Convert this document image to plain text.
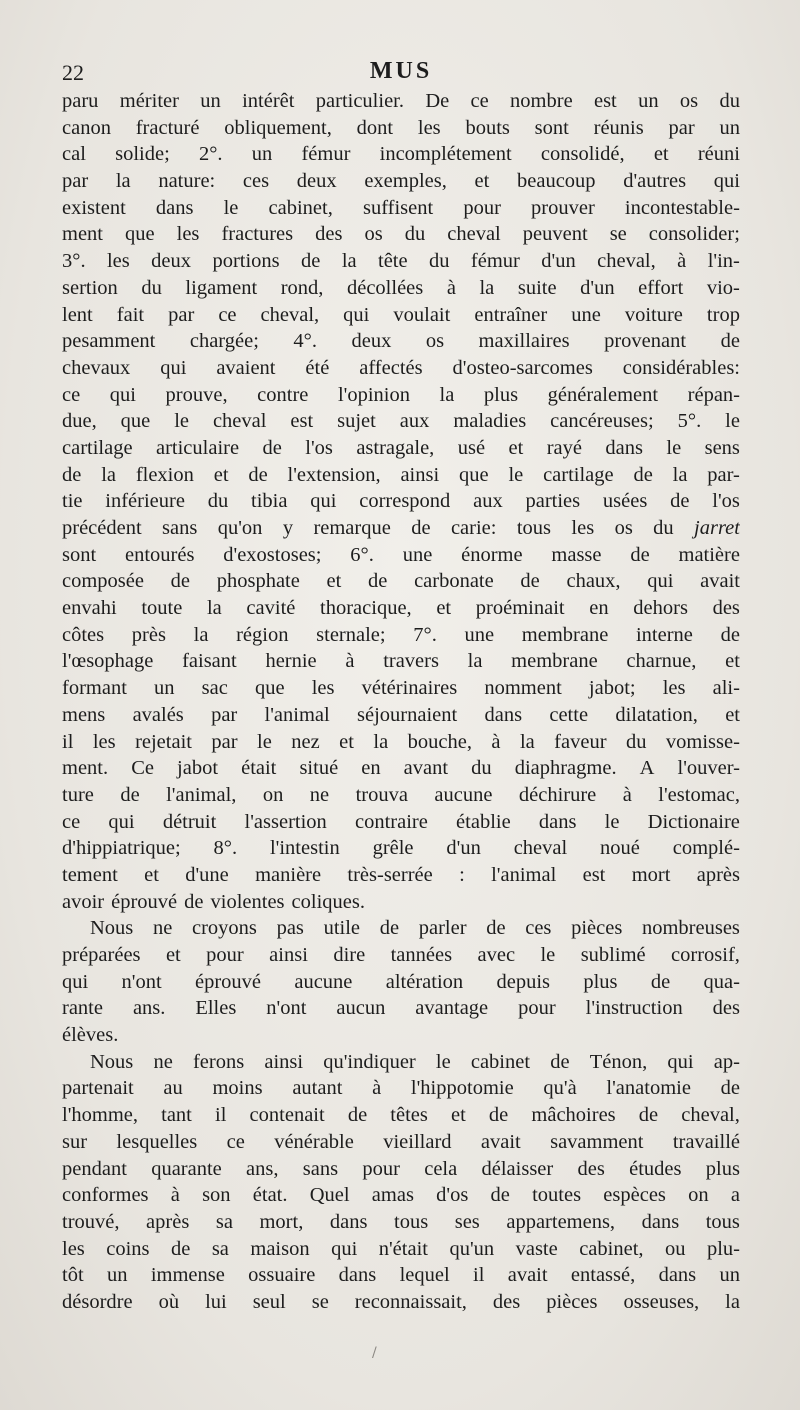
22	MUS
paru mériter un intérêt particulier. De ce nombre est un os du
canon fracturé obliquement, dont les bouts sont réunis par un
cal solide; 2°. un fémur incomplétement consolidé, et réuni
par la nature: ces deux exemples, et beaucoup d'autres qui
existent dans le cabinet, suffisent pour prouver incontestable-
ment que les fractures des os du cheval peuvent se consolider;
3°. les deux portions de la tête du fémur d'un cheval, à l'in-
sertion du ligament rond, décollées à la suite d'un effort vio-
lent fait par ce cheval, qui voulait entraîner une voiture trop
pesamment chargée; 4°. deux os maxillaires provenant de
chevaux qui avaient été affectés d'osteo-sarcomes considérables:
ce qui prouve, contre l'opinion la plus généralement répan-
due, que le cheval est sujet aux maladies cancéreuses; 5°. le
cartilage articulaire de l'os astragale, usé et rayé dans le sens
de la flexion et de l'extension, ainsi que le cartilage de la par-
tie inférieure du tibia qui correspond aux parties usées de l'os
précédent sans qu'on y remarque de carie: tous les os du jarret
sont entourés d'exostoses; 6°. une énorme masse de matière
composée de phosphate et de carbonate de chaux, qui avait
envahi toute la cavité thoracique, et proéminait en dehors des
côtes près la région sternale; 7°. une membrane interne de
l'œsophage faisant hernie à travers la membrane charnue, et
formant un sac que les vétérinaires nomment jabot; les ali-
mens avalés par l'animal séjournaient dans cette dilatation, et
il les rejetait par le nez et la bouche, à la faveur du vomisse-
ment. Ce jabot était situé en avant du diaphragme. A l'ouver-
ture de l'animal, on ne trouva aucune déchirure à l'estomac,
ce qui détruit l'assertion contraire établie dans le Dictionaire
d'hippiatrique; 8°. l'intestin grêle d'un cheval noué complé-
tement et d'une manière très-serrée : l'animal est mort après
avoir éprouvé de violentes coliques.
Nous ne croyons pas utile de parler de ces pièces nombreuses
préparées et pour ainsi dire tannées avec le sublimé corrosif,
qui n'ont éprouvé aucune altération depuis plus de qua-
rante ans. Elles n'ont aucun avantage pour l'instruction des
élèves.
Nous ne ferons ainsi qu'indiquer le cabinet de Ténon, qui ap-
partenait au moins autant à l'hippotomie qu'à l'anatomie de
l'homme, tant il contenait de têtes et de mâchoires de cheval,
sur lesquelles ce vénérable vieillard avait savamment travaillé
pendant quarante ans, sans pour cela délaisser des études plus
conformes à son état. Quel amas d'os de toutes espèces on a
trouvé, après sa mort, dans tous ses appartemens, dans tous
les coins de sa maison qui n'était qu'un vaste cabinet, ou plu-
tôt un immense ossuaire dans lequel il avait entassé, dans un
désordre où lui seul se reconnaissait, des pièces osseuses, la
/
